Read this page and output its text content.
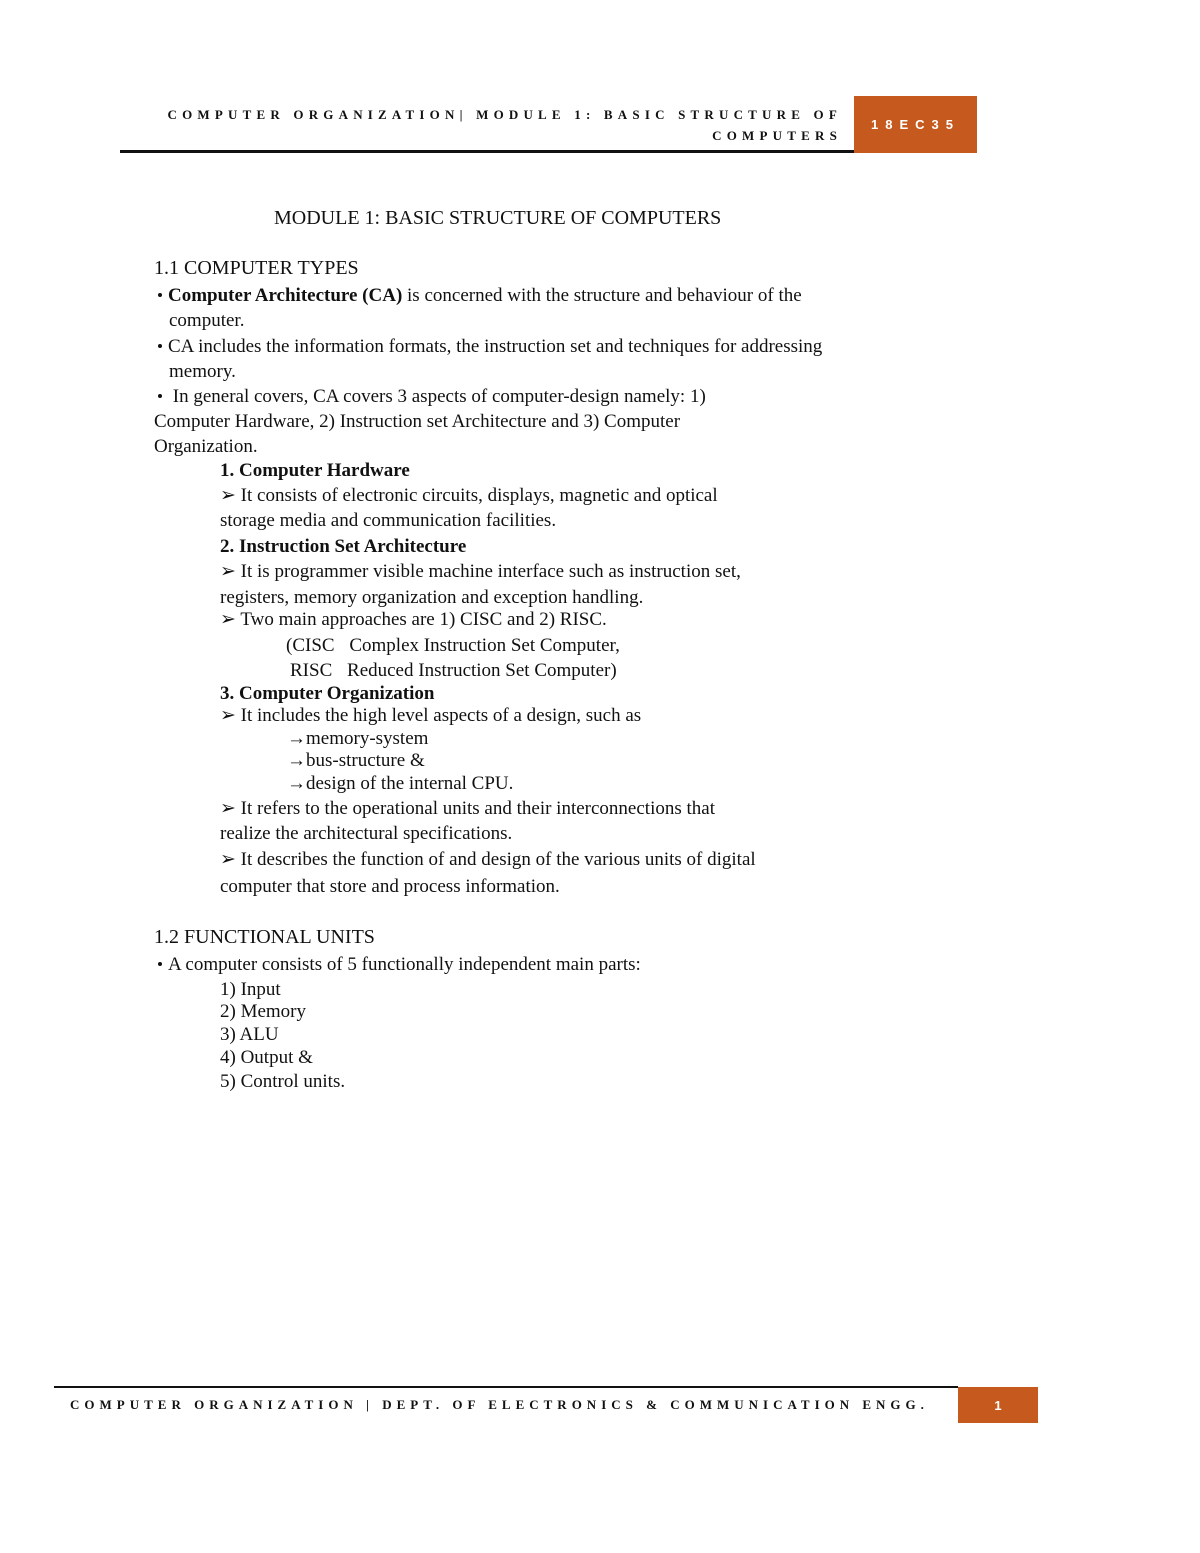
COMPUTER ORGANIZATION| MODULE 1: BASIC STRUCTURE OF
COMPUTERS
18EC35
MODULE 1: BASIC STRUCTURE OF COMPUTERS
1.1 COMPUTER TYPES
Computer Architecture (CA) is concerned with the structure and behaviour of the
computer.
CA includes the information formats, the instruction set and techniques for addressing
memory.
In general covers, CA covers 3 aspects of computer-design namely: 1)
Computer Hardware, 2) Instruction set Architecture and 3) Computer
Organization.
1. Computer Hardware
➢ It consists of electronic circuits, displays, magnetic and optical
storage media and communication facilities.
2. Instruction Set Architecture
➢ It is programmer visible machine interface such as instruction set,
registers, memory organization and exception handling.
➢ Two main approaches are 1) CISC and 2) RISC.
(CISC Complex Instruction Set Computer,
RISC Reduced Instruction Set Computer)
3. Computer Organization
➢ It includes the high level aspects of a design, such as
→memory-system
→bus-structure &
→design of the internal CPU.
➢ It refers to the operational units and their interconnections that
realize the architectural specifications.
➢ It describes the function of and design of the various units of digital
computer that store and process information.
1.2 FUNCTIONAL UNITS
A computer consists of 5 functionally independent main parts:
1) Input
2) Memory
3) ALU
4) Output &
5) Control units.
COMPUTER ORGANIZATION | DEPT. OF ELECTRONICS & COMMUNICATION ENGG.	1
